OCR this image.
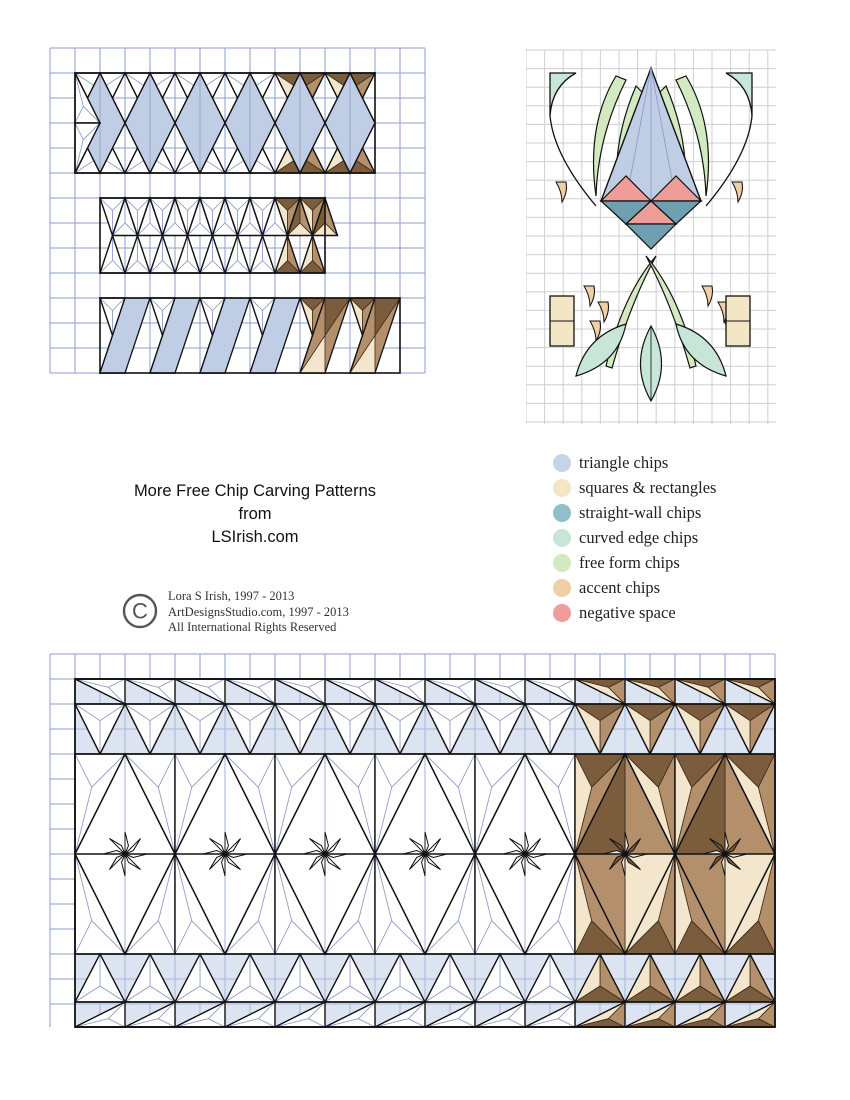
More Free Chip Carving Patterns
from
LSIrish.com
C
Lora S Irish, 1997 - 2013
ArtDesignsStudio.com, 1997 - 2013
All International Rights Reserved
triangle chips
squares & rectangles
straight-wall chips
curved edge chips
free form chips
accent chips
negative space
